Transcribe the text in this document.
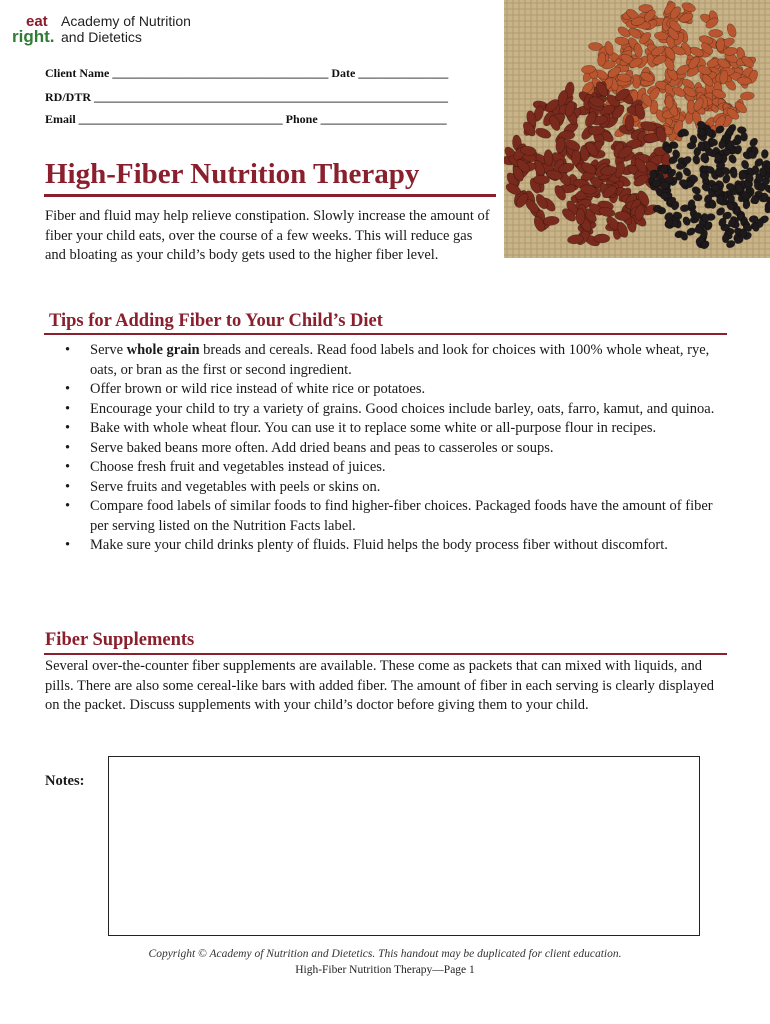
eat
right.
Academy of Nutrition
and Dietetics
Client Name ____________________________________ Date _______________
RD/DTR ___________________________________________________________
Email __________________________________ Phone _____________________
High-Fiber Nutrition Therapy
Fiber and fluid may help relieve constipation. Slowly increase the amount of fiber your child eats, over the course of a few weeks. This will reduce gas and bloating as your child’s body gets used to the higher fiber level.
Tips for Adding Fiber to Your Child’s Diet
• Serve whole grain breads and cereals. Read food labels and look for choices with 100% whole wheat, rye, oats, or bran as the first or second ingredient.
• Offer brown or wild rice instead of white rice or potatoes.
• Encourage your child to try a variety of grains. Good choices include barley, oats, farro, kamut, and quinoa.
• Bake with whole wheat flour. You can use it to replace some white or all-purpose flour in recipes.
• Serve baked beans more often. Add dried beans and peas to casseroles or soups.
• Choose fresh fruit and vegetables instead of juices.
• Serve fruits and vegetables with peels or skins on.
• Compare food labels of similar foods to find higher-fiber choices. Packaged foods have the amount of fiber per serving listed on the Nutrition Facts label.
• Make sure your child drinks plenty of fluids. Fluid helps the body process fiber without discomfort.
Fiber Supplements
Several over-the-counter fiber supplements are available. These come as packets that can mixed with liquids, and pills. There are also some cereal-like bars with added fiber. The amount of fiber in each serving is clearly displayed on the packet. Discuss supplements with your child’s doctor before giving them to your child.
Notes:
Copyright © Academy of Nutrition and Dietetics. This handout may be duplicated for client education.
High-Fiber Nutrition Therapy—Page 1
